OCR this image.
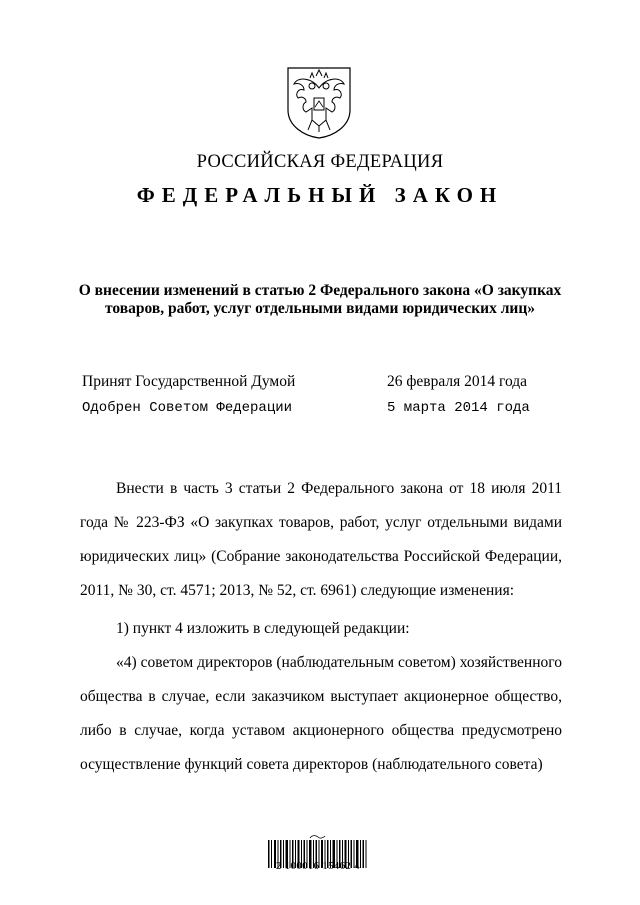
РОССИЙСКАЯ ФЕДЕРАЦИЯ
ФЕДЕРАЛЬНЫЙ ЗАКОН
О внесении изменений в статью 2 Федерального закона «О закупках
товаров, работ, услуг отдельными видами юридических лиц»
Принят Государственной Думой	26 февраля 2014 года
Одобрен Советом Федерации	5 марта 2014 года

Внести в часть 3 статьи 2 Федерального закона от 18 июля 2011 года № 223-ФЗ «О закупках товаров, работ, услуг отдельными видами юридических лиц» (Собрание законодательства Российской Федерации, 2011, № 30, ст. 4571; 2013, № 52, ст. 6961) следующие изменения:

1) пункт 4 изложить в следующей редакции:

«4) советом директоров (наблюдательным советом) хозяйственного общества в случае, если заказчиком выступает акционерное общество, либо в случае, когда уставом акционерного общества предусмотрено осуществление функций совета директоров (наблюдательного совета)

2 100016 15462 4
